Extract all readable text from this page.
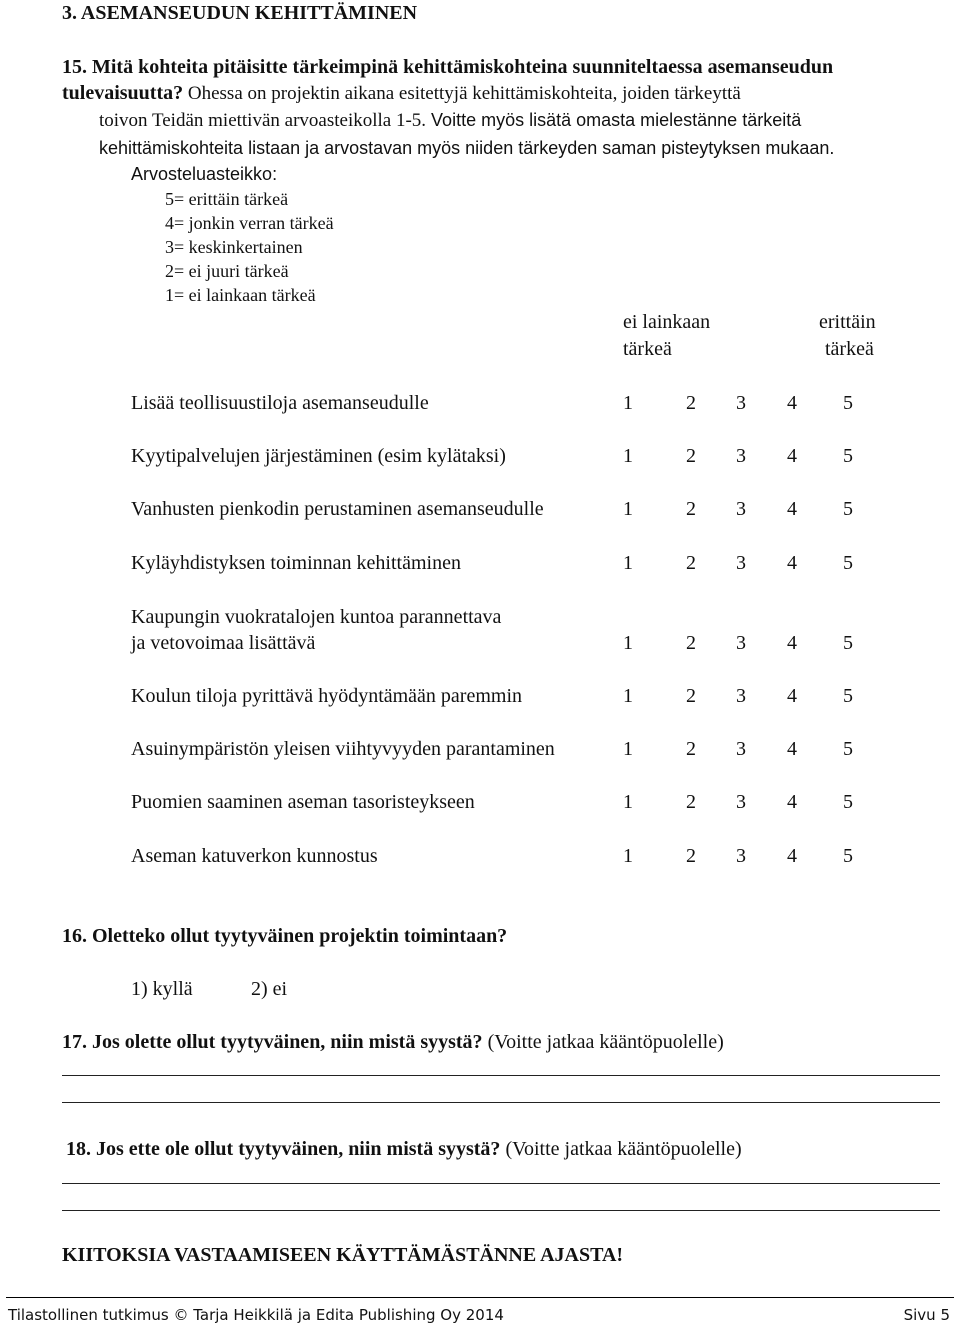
3. ASEMANSEUDUN KEHITTÄMINEN
15. Mitä kohteita pitäisitte tärkeimpinä kehittämiskohteina suunniteltaessa asemanseudun
tulevaisuutta? Ohessa on projektin aikana esitettyjä kehittämiskohteita, joiden tärkeyttä
toivon Teidän miettivän arvoasteikolla 1-5. Voitte myös lisätä omasta mielestänne tärkeitä
kehittämiskohteita listaan ja arvostavan myös niiden tärkeyden saman pisteytyksen mukaan.
Arvosteluasteikko:
5= erittäin tärkeä
4= jonkin verran tärkeä
3= keskinkertainen
2= ei juuri tärkeä
1= ei lainkaan tärkeä
ei lainkaan
tärkeä
erittäin
tärkeä
Lisää teollisuustiloja asemanseudulle	1	2 3 4 5
Kyytipalvelujen järjestäminen (esim kylätaksi)	1	2 3 4 5
Vanhusten pienkodin perustaminen asemanseudulle	1	2 3 4 5
Kyläyhdistyksen toiminnan kehittäminen	1	2 3 4 5
Kaupungin vuokratalojen kuntoa parannettava
ja vetovoimaa lisättävä	1	2 3 4 5
Koulun tiloja pyrittävä hyödyntämään paremmin	1	2 3 4 5
Asuinympäristön yleisen viihtyvyyden parantaminen	1	2 3 4 5
Puomien saaminen aseman tasoristeykseen	1	2 3 4 5
Aseman katuverkon kunnostus	1	2 3 4 5
16. Oletteko ollut tyytyväinen projektin toimintaan?
1) kyllä	2) ei
17. Jos olette ollut tyytyväinen, niin mistä syystä? (Voitte jatkaa kääntöpuolelle)
18. Jos ette ole ollut tyytyväinen, niin mistä syystä? (Voitte jatkaa kääntöpuolelle)
KIITOKSIA VASTAAMISEEN KÄYTTÄMÄSTÄNNE AJASTA!
Tilastollinen tutkimus © Tarja Heikkilä ja Edita Publishing Oy 2014	Sivu 5
